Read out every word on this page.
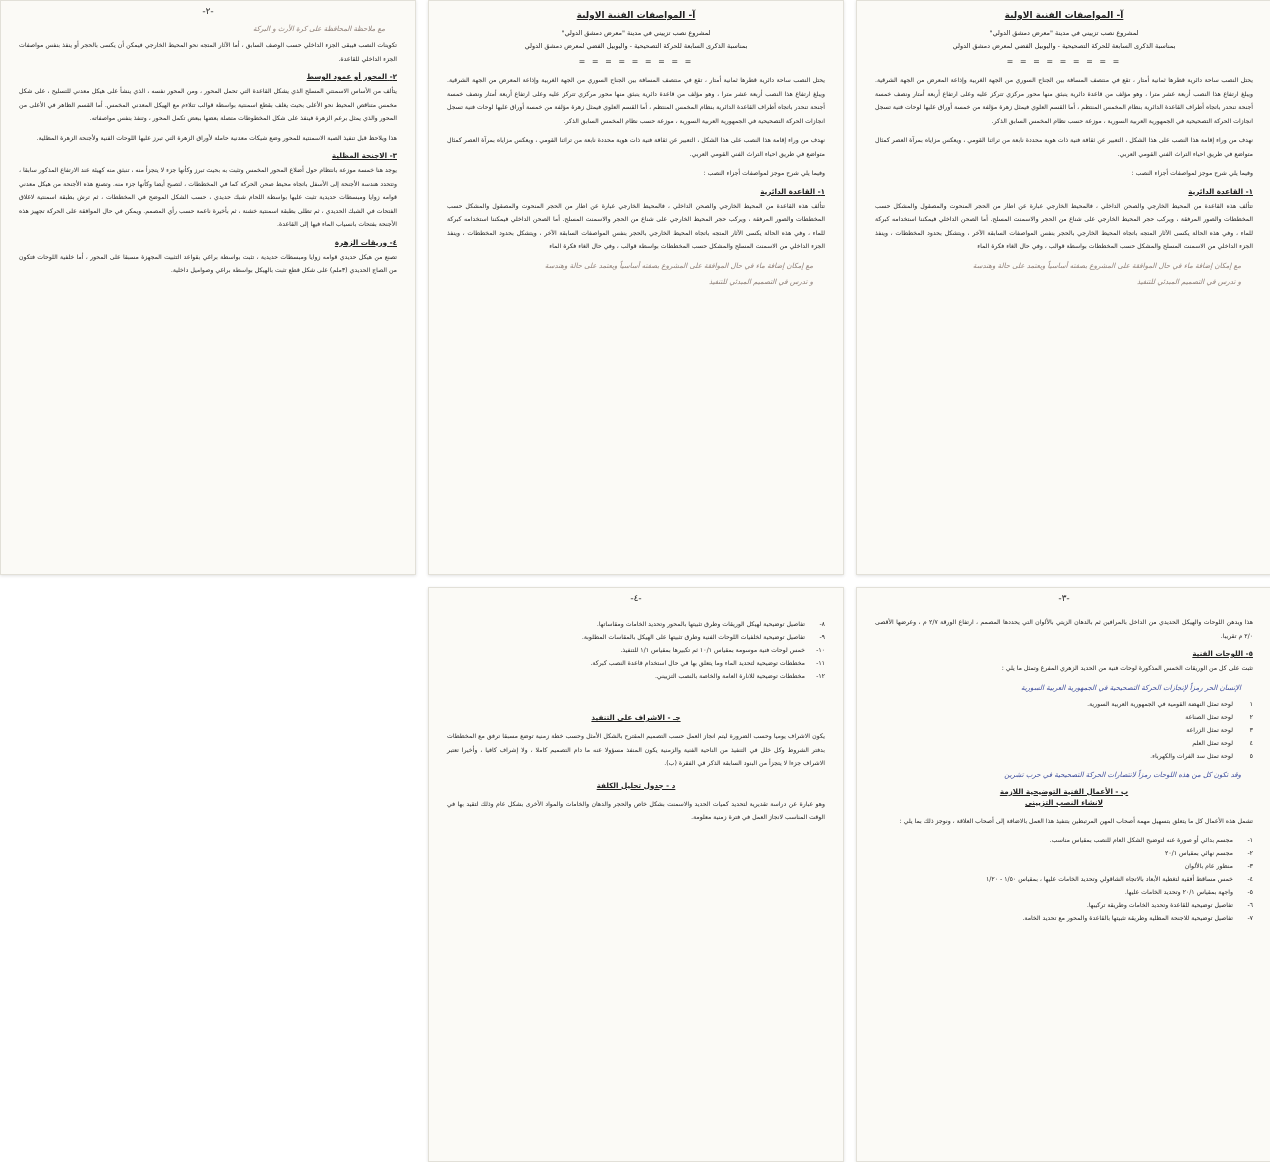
-٢-
مع ملاحظة المحافظة على كرة الأرث و البركة
تكوينات النصب فيبقى الجزء الداخلي حسب الوصف السابق ، أما الآثار المتجه نحو المحيط الخارجي فيمكن أن يكسى بالحجر أو ينفذ بنفس مواصفات الجزء الداخلي للقاعدة.
٢- المحور أو عمود الوسط
يتألف من الأساس الاسمنتي المسلح الذي يشكل القاعدة التي تحمل المحور ، ومن المحور نفسه ، الذي ينشأ على هيكل معدني للتسليح ، على شكل مخمس متناقص المحيط نحو الأعلى بحيث يغلف بقطع اسمنتية بواسطة قوالب تتلاءم مع الهيكل المعدني المخمس. أما القسم الظاهر في الأعلى من المحور والذي يمثل برعم الزهرة فينفذ على شكل المخطوطات متصلة بعضها ببعض تكمل المحور ، وتنفذ بنفس مواصفاته.
هذا ويلاحظ قبل تنفيذ الصبة الاسمنتية للمحور وضع شيكات معدنية حاملة لأوراق الزهرة التي تبرز عليها اللوحات الفنية ولأجنحة الزهرة المظلية.
٣- الاجنحة المظلية
يوجد هنا خمسة موزعة بانتظام حول أضلاع المحور المخمس وتثبت به بحيث تبرز وكأنها جزء لا يتجزأ منه ، تنبثق منه كهيئة عند الارتفاع المذكور سابقا ، وتتحدد هندسة الأجنحة إلى الأسفل باتجاه محيط صحن الحركة كما في المخططات ، لتصبح أيضا وكأنها جزء منه. وتصنع هذه الأجنحة من هيكل معدني قوامه زوايا ومبسطات حديدية تثبت عليها بواسطة اللحام شبك حديدي ، حسب الشكل الموضح في المخططات ، ثم ترش بطبقة اسمنتية لاغلاق الفتحات في الشبك الحديدي ، ثم تطلى بطبقة اسمنتية خشنة ، ثم بأخيرة ناعمة حسب رأي المصمم. ويمكن في حال الموافقة على الحركة تجهيز هذه الأجنحة بفتحات بانسياب الماء فيها إلى القاعدة.
٤- وريقات الزهرة
تصنع من هيكل حديدي قوامه زوايا ومبسطات حديدية ، تثبت بواسطة براغي بقواعد التثبيت المجهزة مسبقا على المحور ، أما خلفية اللوحات فتكون من الصاج الحديدي (٣ملم) على شكل قطع تثبت بالهيكل بواسطة براغي وصواميل داخلية.
آ- المواصفات الفنية الاولية
لمشروع نصب تزييني في مدينة "معرض دمشق الدولي"
بمناسبة الذكرى السابعة للحركة التصحيحية - واليوبيل الفضي لمعرض دمشق الدولي
= = = = = = = = =
يحتل النصب ساحة دائرية قطرها ثمانية أمتار ، تقع في منتصف المسافة بين الجناح السوري من الجهة الغربية وإذاعة المعرض من الجهة الشرقية. ويبلغ ارتفاع هذا النصب أربعة عشر مترا ، وهو مؤلف من قاعدة دائرية ينبثق منها محور مركزي تتركز عليه وعلى ارتفاع أربعة أمتار ونصف خمسة أجنحة تنحدر باتجاه أطراف القاعدة الدائرية بنظام المخمس المنتظم ، أما القسم العلوي فيمثل زهرة مؤلفة من خمسة أوراق عليها لوحات فنية تسجل انجازات الحركة التصحيحية في الجمهورية العربية السورية ، موزعة حسب نظام المخمس السابق الذكر.
نهدف من وراء إقامة هذا النصب على هذا الشكل ، التعبير عن ثقافة فنية ذات هوية محددة نابعة من تراثنا القومي ، ويعكس مزاياه بمرآة العصر كمثال متواضع في طريق احياء التراث الفني القومي العربي.
وفيما يلي شرح موجز لمواصفات أجزاء النصب :
١- القاعدة الدائرية
تتألف هذه القاعدة من المحيط الخارجي والصحن الداخلي ، فالمحيط الخارجي عبارة عن اطار من الحجر المنحوت والمصقول والمشكل حسب المخططات والصور المرفقة ، ويركب حجر المحيط الخارجي على شناع من الحجر والاسمنت المسلح. أما الصحن الداخلي فيمكننا استخدامه كبركة للماء ، وفي هذه الحالة يكسى الآثار المتجه باتجاه المحيط الخارجي بالحجر بنفس المواصفات السابقة الآخر ، ويتشكل بحدود المخططات ، وينفذ الجزء الداخلي من الاسمنت المسلح والمشكل حسب المخططات بواسطة قوالب ، وفي حال الغاء فكرة الماء
مع إمكان إضافة ماء في حال الموافقة على المشروع بصفته أساسياً ويعتمد على حالة وهندسة
و تدرس في التصميم المبدئي للتنفيذ
آ- المواصفات الفنية الاولية
لمشروع نصب تزييني في مدينة "معرض دمشق الدولي"
بمناسبة الذكرى السابعة للحركة التصحيحية - واليوبيل الفضي لمعرض دمشق الدولي
= = = = = = = = =
يحتل النصب ساحة دائرية قطرها ثمانية أمتار ، تقع في منتصف المسافة بين الجناح السوري من الجهة الغربية وإذاعة المعرض من الجهة الشرقية. ويبلغ ارتفاع هذا النصب أربعة عشر مترا ، وهو مؤلف من قاعدة دائرية ينبثق منها محور مركزي تتركز عليه وعلى ارتفاع أربعة أمتار ونصف خمسة أجنحة تنحدر باتجاه أطراف القاعدة الدائرية بنظام المخمس المنتظم ، أما القسم العلوي فيمثل زهرة مؤلفة من خمسة أوراق عليها لوحات فنية تسجل انجازات الحركة التصحيحية في الجمهورية العربية السورية ، موزعة حسب نظام المخمس السابق الذكر.
نهدف من وراء إقامة هذا النصب على هذا الشكل ، التعبير عن ثقافة فنية ذات هوية محددة نابعة من تراثنا القومي ، ويعكس مزاياه بمرآة العصر كمثال متواضع في طريق احياء التراث الفني القومي العربي.
وفيما يلي شرح موجز لمواصفات أجزاء النصب :
١- القاعدة الدائرية
تتألف هذه القاعدة من المحيط الخارجي والصحن الداخلي ، فالمحيط الخارجي عبارة عن اطار من الحجر المنحوت والمصقول والمشكل حسب المخططات والصور المرفقة ، ويركب حجر المحيط الخارجي على شناع من الحجر والاسمنت المسلح. أما الصحن الداخلي فيمكننا استخدامه كبركة للماء ، وفي هذه الحالة يكسى الآثار المتجه باتجاه المحيط الخارجي بالحجر بنفس المواصفات السابقة الآخر ، ويتشكل بحدود المخططات ، وينفذ الجزء الداخلي من الاسمنت المسلح والمشكل حسب المخططات بواسطة قوالب ، وفي حال الغاء فكرة الماء
مع إمكان إضافة ماء في حال الموافقة على المشروع بصفته أساسياً ويعتمد على حالة وهندسة
و تدرس في التصميم المبدئي للتنفيذ
-٤-
٨-تفاصيل توضيحية لهيكل الوريقات وطرق تثبيتها بالمحور وتحديد الخامات ومقاساتها.
٩-تفاصيل توضيحية لخلفيات اللوحات الفنية وطرق تثبيتها على الهيكل بالمقاسات المطلوبة.
١٠-خمس لوحات فنية موسومة بمقياس ١٠/١ ثم تكبيرها بمقياس ١/١ للتنفيذ.
١١-مخططات توضيحية لتحديد الماء وما يتعلق بها في حال استخدام قاعدة النصب كبركة.
١٢-مخططات توضيحية للانارة العامة والخاصة بالنصب التزييني.
جـ - الاشراف على التنفيذ
يكون الاشراف يوميا وحسب الضرورة ليتم انجاز العمل حسب التصميم المقترح بالشكل الأمثل وحسب خطة زمنية توضع مسبقا ترفق مع المخططات بدفتر الشروط وكل خلل في التنفيذ من الناحية الفنية والزمنية يكون المنفذ مسؤولا عنه ما دام التصميم كاملا ، ولا إشراف كافيا ، وأخيرا تعتبر الاشراف جزءا لا يتجزأ من البنود السابقة الذكر في الفقرة (ب).
د - جدول تحليل الكلفة
وهو عبارة عن دراسة تقديرية لتحديد كميات الحديد والاسمنت بشكل خاص والحجر والدهان والخامات والمواد الأخرى بشكل عام وذلك لتقيد بها في الوقت المناسب لانجاز العمل في فترة زمنية معلومة.
-٣-
هذا ويدهن اللوحات والهيكل الحديدي من الداخل بالمرافين ثم بالدهان الزيتي بالألوان التي يحددها المصمم ، ارتفاع الورقة ٢/٧ م ، وعرضها الأقصى ٢/٠ م تقريبا.
٥- اللوحات الفنية
تثبت على كل من الوريقات الخمس المذكورة لوحات فنية من الحديد الزهري المفرغ وتمثل ما يلي :
الإنسان الحر رمزاً لإنجازات الحركة التصحيحية في الجمهورية العربية السورية
١لوحة تمثل النهضة القومية في الجمهورية العربية السورية.
٢لوحة تمثل الصناعة
٣لوحة تمثل الزراعة
٤لوحة تمثل العلم
٥لوحة تمثل سد الفرات والكهرباء.
وقد تكون كل من هذه اللوحات رمزاً لانتصارات الحركة التصحيحية في حرب تشرين
ب - الأعمال الفنية التوضيحية اللازمة
لانشاء النصب التزييني
تشمل هذه الأعمال كل ما يتعلق بتسهيل مهمة أصحاب المهن المرتبطين بتنفيذ هذا العمل بالاضافة إلى أصحاب العلاقة ، ونوجز ذلك بما يلي :
١-مجسم بدائي أو صورة عنه لتوضيح الشكل العام للنصب بمقياس مناسب.
٢-مجسم نهائي بمقياس ٢٠/١
٣-منظور عام بالألوان
٤-خمس مساقط أفقية لتغطية الأبعاد بالاتجاه الشاقولي وتحديد الخامات عليها ، بمقياس ١/٥٠ - ١/٢٠
٥-واجهة بمقياس ٢٠/١ وتحديد الخامات عليها.
٦-تفاصيل توضيحية للقاعدة وتحديد الخامات وطريقة تركيبها.
٧-تفاصيل توضيحية للاجنحة المظلية وطريقة تثبيتها بالقاعدة والمحور مع تحديد الخامة.
